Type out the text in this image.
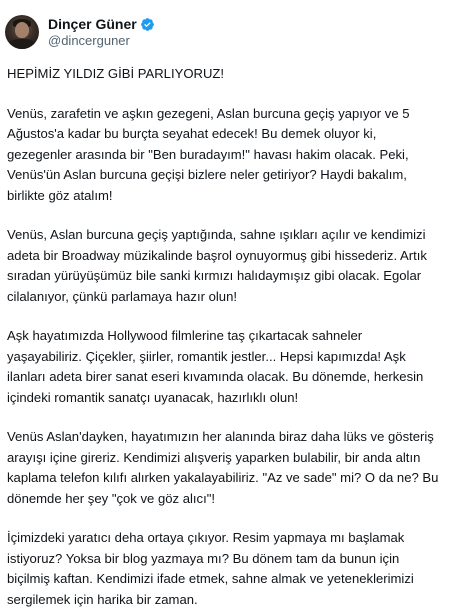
Dinçer Güner
@dincerguner

HEPİMİZ YILDIZ GİBİ PARLIYORUZ!

Venüs, zarafetin ve aşkın gezegeni, Aslan burcuna geçiş yapıyor ve 5
Ağustos'a kadar bu burçta seyahat edecek! Bu demek oluyor ki,
gezegenler arasında bir "Ben buradayım!" havası hakim olacak. Peki,
Venüs'ün Aslan burcuna geçişi bizlere neler getiriyor? Haydi bakalım,
birlikte göz atalım!

Venüs, Aslan burcuna geçiş yaptığında, sahne ışıkları açılır ve kendimizi
adeta bir Broadway müzikalinde başrol oynuyormuş gibi hissederiz. Artık
sıradan yürüyüşümüz bile sanki kırmızı halıdaymışız gibi olacak. Egolar
cilalanıyor, çünkü parlamaya hazır olun!

Aşk hayatımızda Hollywood filmlerine taş çıkartacak sahneler
yaşayabiliriz. Çiçekler, şiirler, romantik jestler... Hepsi kapımızda! Aşk
ilanları adeta birer sanat eseri kıvamında olacak. Bu dönemde, herkesin
içindeki romantik sanatçı uyanacak, hazırlıklı olun!

Venüs Aslan'dayken, hayatımızın her alanında biraz daha lüks ve gösteriş
arayışı içine gireriz. Kendimizi alışveriş yaparken bulabilir, bir anda altın
kaplama telefon kılıfı alırken yakalayabiliriz. "Az ve sade" mi? O da ne? Bu
dönemde her şey "çok ve göz alıcı"!

İçimizdeki yaratıcı deha ortaya çıkıyor. Resim yapmaya mı başlamak
istiyoruz? Yoksa bir blog yazmaya mı? Bu dönem tam da bunun için
biçilmiş kaftan. Kendimizi ifade etmek, sahne almak ve yeteneklerimizi
sergilemek için harika bir zaman.
